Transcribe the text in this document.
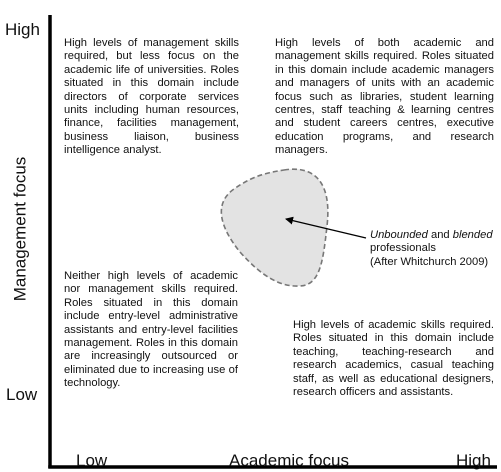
High
Low
Management focus
Low	Academic focus	High

High levels of management skills required, but less focus on the academic life of universities. Roles situated in this domain include directors of corporate services units including human resources, finance, facilities management, business liaison, business intelligence analyst.

High levels of both academic and management skills required. Roles situated in this domain include academic managers and managers of units with an academic focus such as libraries, student learning centres, staff teaching & learning centres and student careers centres, executive education programs, and research managers.

Neither high levels of academic nor management skills required. Roles situated in this domain include entry-level administrative assistants and entry-level facilities management. Roles in this domain are increasingly outsourced or eliminated due to increasing use of technology.

High levels of academic skills required. Roles situated in this domain include teaching, teaching-research and research academics, casual teaching staff, as well as educational designers, research officers and assistants.

Unbounded and blended
professionals
(After Whitchurch 2009)
